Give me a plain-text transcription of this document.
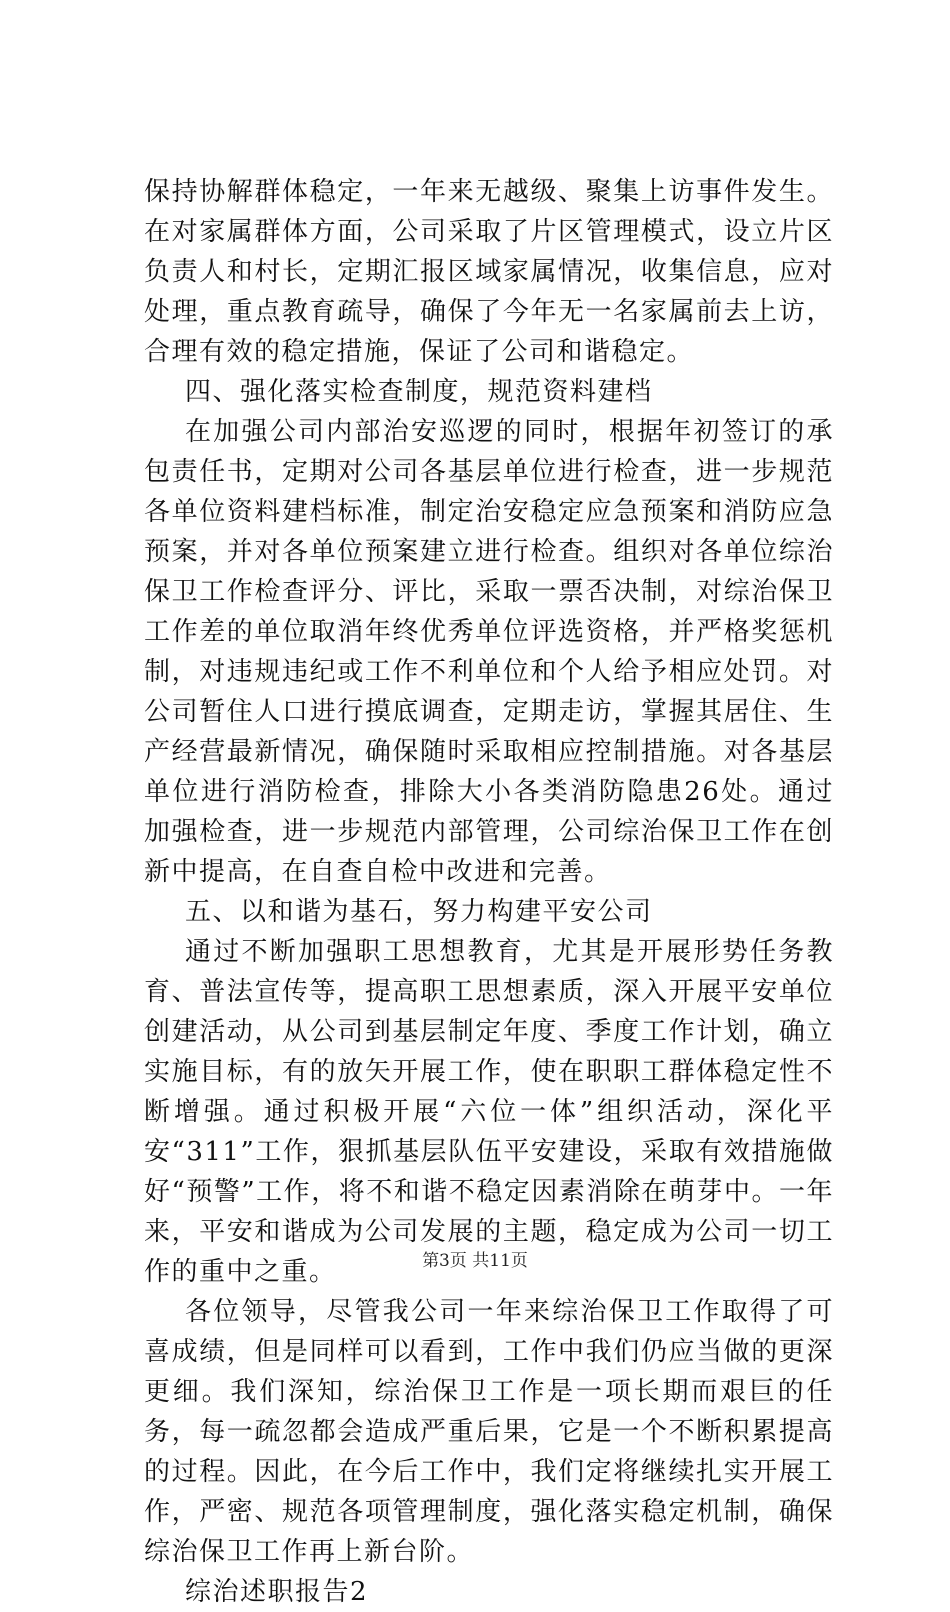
保持协解群体稳定，一年来无越级、聚集上访事件发生。在对家属群体方面，公司采取了片区管理模式，设立片区负责人和村长，定期汇报区域家属情况，收集信息，应对处理，重点教育疏导，确保了今年无一名家属前去上访，合理有效的稳定措施，保证了公司和谐稳定。

四、强化落实检查制度，规范资料建档

在加强公司内部治安巡逻的同时，根据年初签订的承包责任书，定期对公司各基层单位进行检查，进一步规范各单位资料建档标准，制定治安稳定应急预案和消防应急预案，并对各单位预案建立进行检查。组织对各单位综治保卫工作检查评分、评比，采取一票否决制，对综治保卫工作差的单位取消年终优秀单位评选资格，并严格奖惩机制，对违规违纪或工作不利单位和个人给予相应处罚。对公司暂住人口进行摸底调查，定期走访，掌握其居住、生产经营最新情况，确保随时采取相应控制措施。对各基层单位进行消防检查，排除大小各类消防隐患26处。通过加强检查，进一步规范内部管理，公司综治保卫工作在创新中提高，在自查自检中改进和完善。

五、以和谐为基石，努力构建平安公司

通过不断加强职工思想教育，尤其是开展形势任务教育、普法宣传等，提高职工思想素质，深入开展平安单位创建活动，从公司到基层制定年度、季度工作计划，确立实施目标，有的放矢开展工作，使在职职工群体稳定性不断增强。通过积极开展“六位一体”组织活动，深化平安“311”工作，狠抓基层队伍平安建设，采取有效措施做好“预警”工作，将不和谐不稳定因素消除在萌芽中。一年来，平安和谐成为公司发展的主题，稳定成为公司一切工作的重中之重。

各位领导，尽管我公司一年来综治保卫工作取得了可喜成绩，但是同样可以看到，工作中我们仍应当做的更深更细。我们深知，综治保卫工作是一项长期而艰巨的任务，每一疏忽都会造成严重后果，它是一个不断积累提高的过程。因此，在今后工作中，我们定将继续扎实开展工作，严密、规范各项管理制度，强化落实稳定机制，确保综治保卫工作再上新台阶。

综治述职报告2

第3页 共11页
